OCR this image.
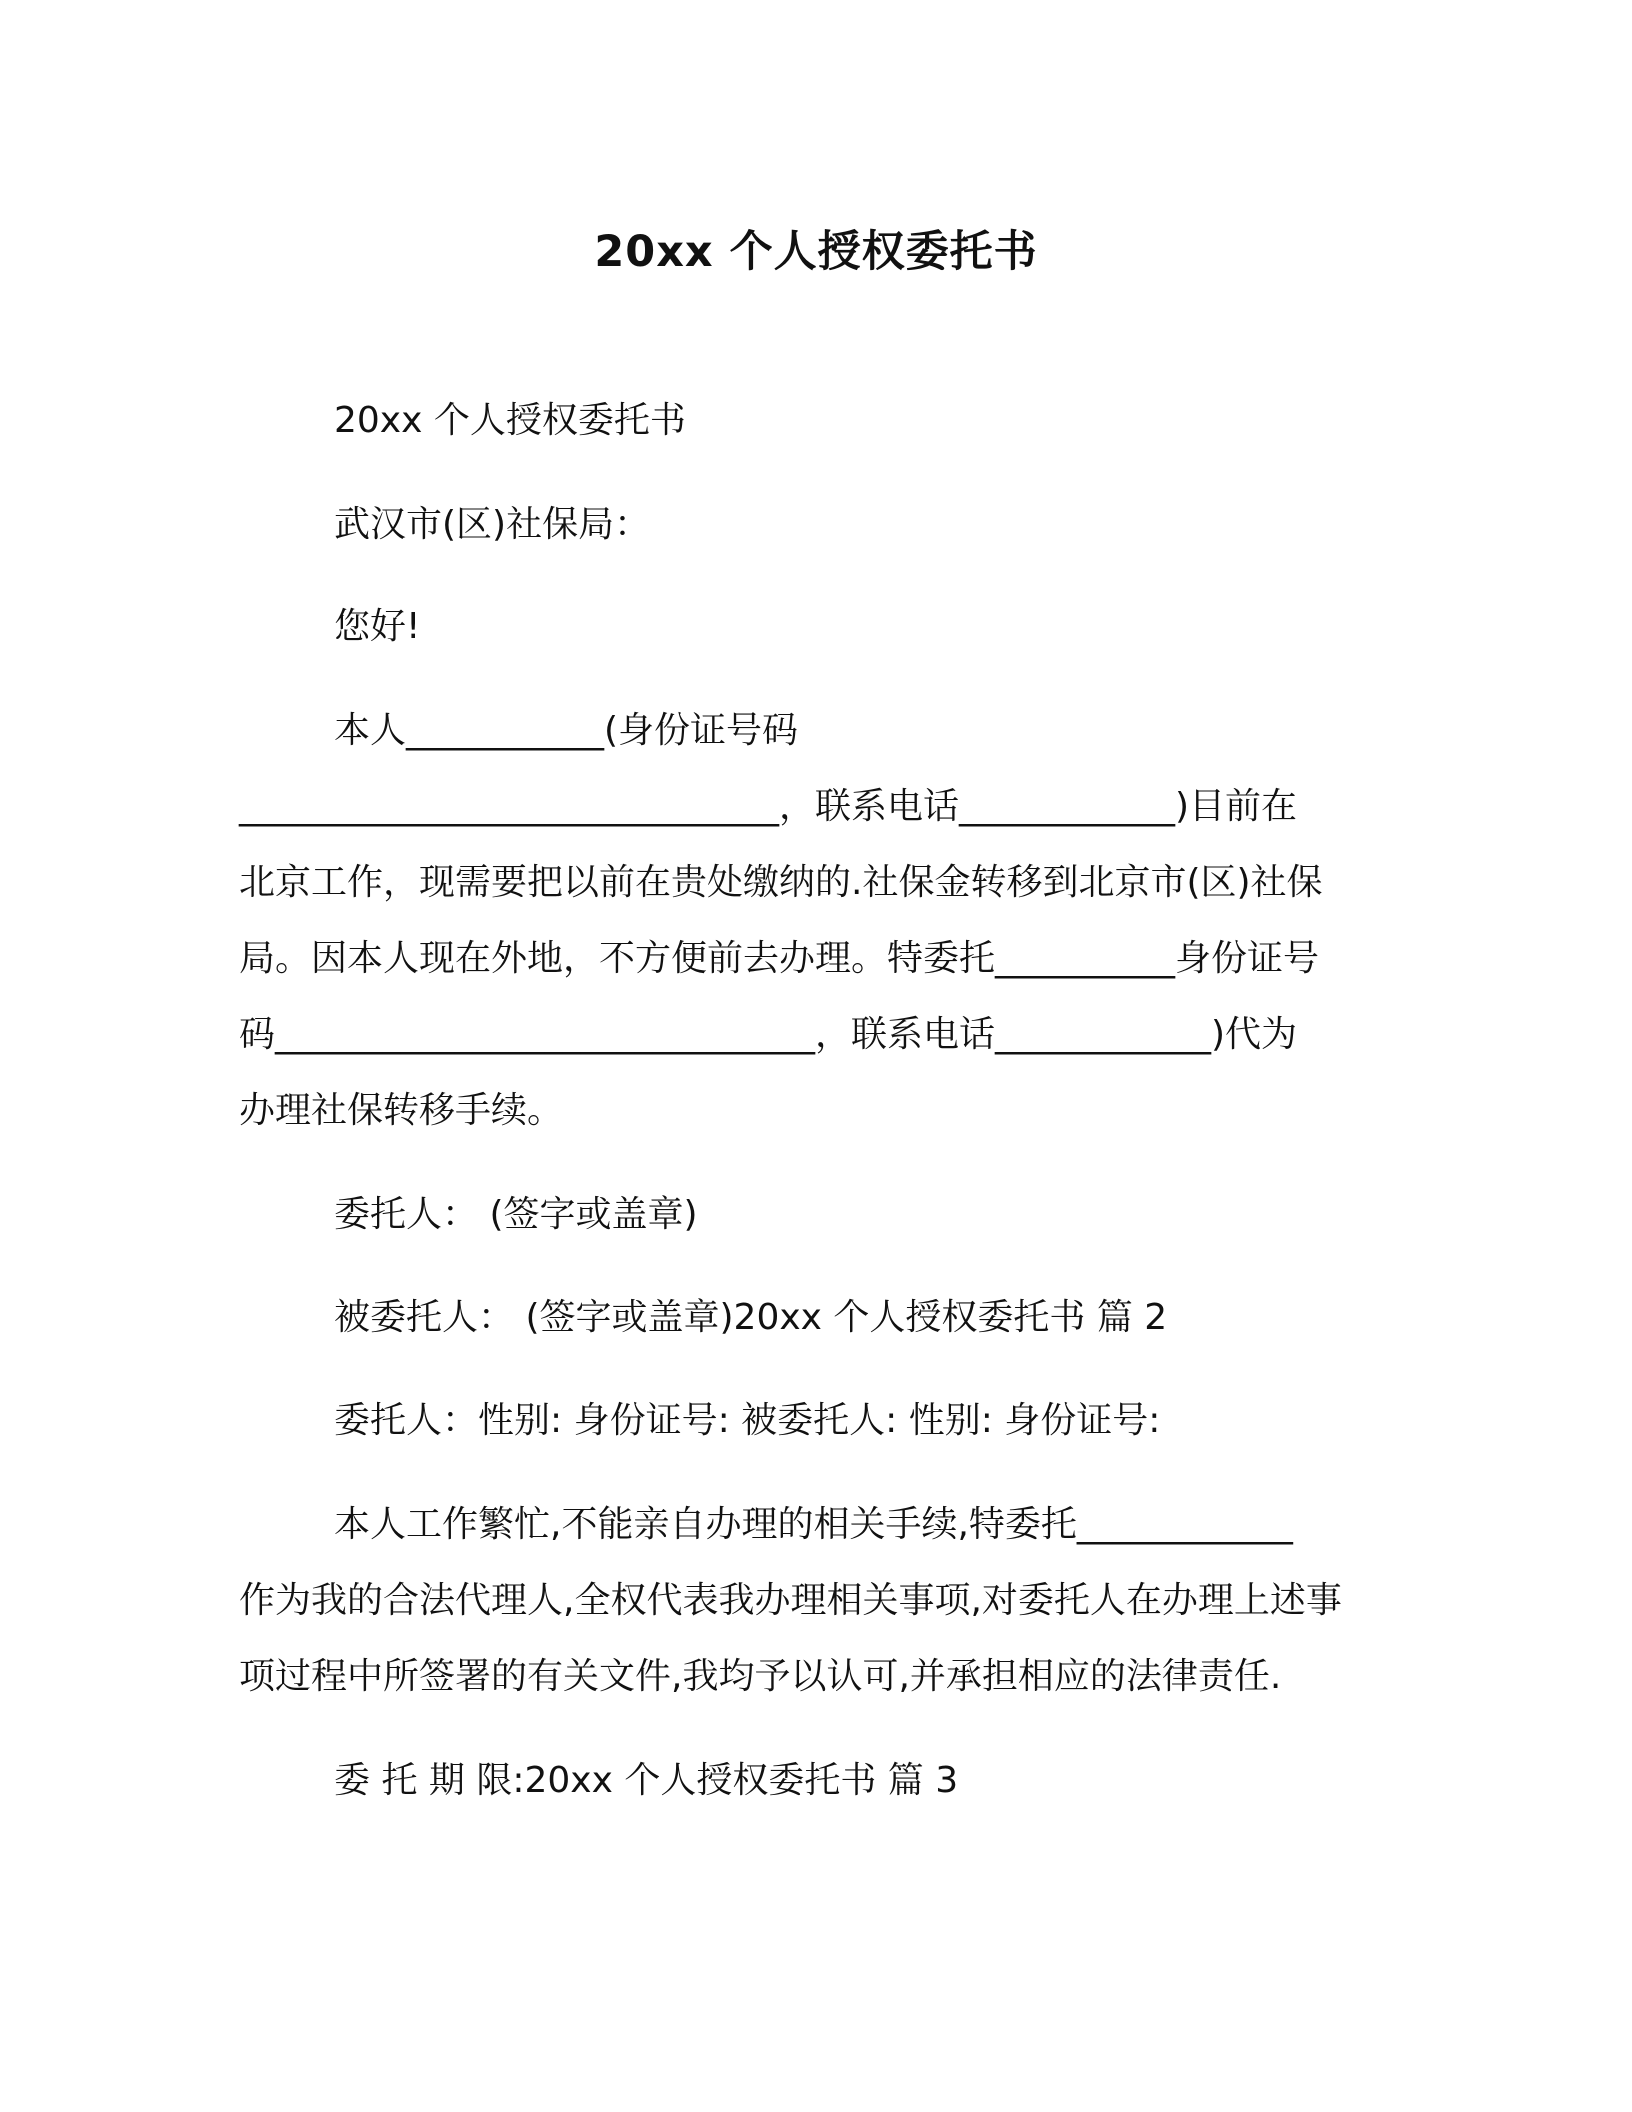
20xx 个人授权委托书
20xx 个人授权委托书
武汉市(区)社保局：
您好!
本人___________(身份证号码
______________________________，联系电话____________)目前在
北京工作，现需要把以前在贵处缴纳的.社保金转移到北京市(区)社保
局。因本人现在外地，不方便前去办理。特委托__________身份证号
码______________________________，联系电话____________)代为
办理社保转移手续。
委托人： (签字或盖章)
被委托人： (签字或盖章)20xx 个人授权委托书 篇 2
委托人：性别: 身份证号: 被委托人: 性别: 身份证号:
本人工作繁忙,不能亲自办理的相关手续,特委托____________
作为我的合法代理人,全权代表我办理相关事项,对委托人在办理上述事
项过程中所签署的有关文件,我均予以认可,并承担相应的法律责任.
委 托 期 限:20xx 个人授权委托书 篇 3
